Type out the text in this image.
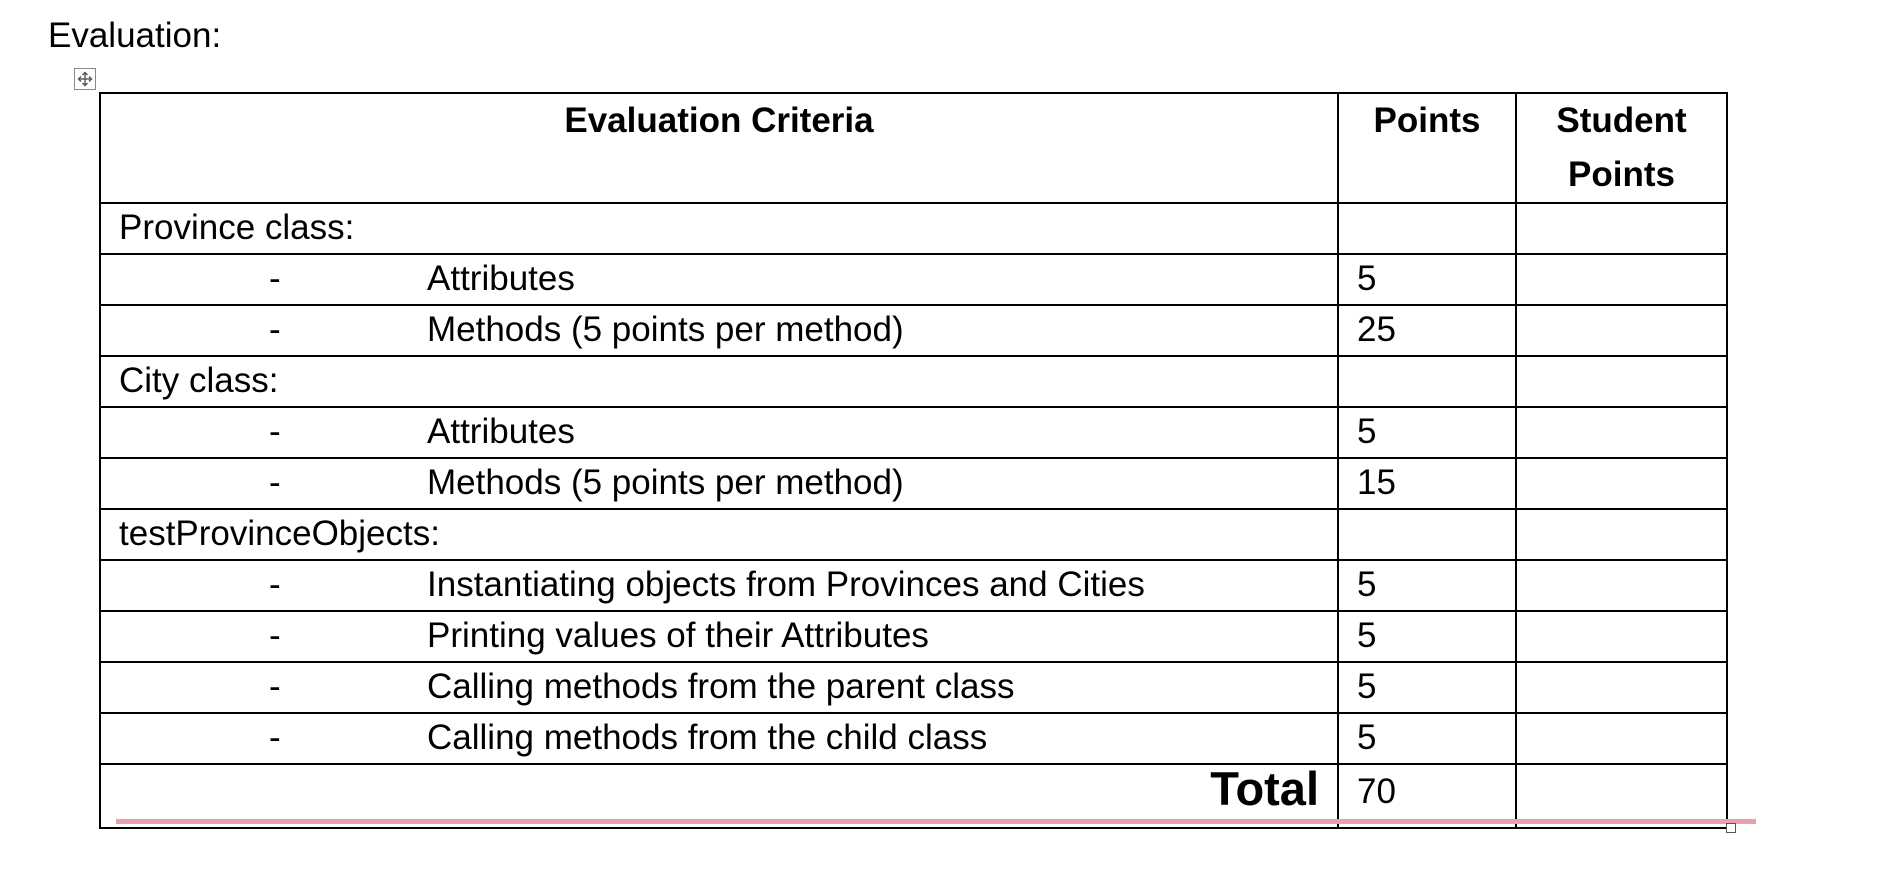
Evaluation:
Evaluation Criteria	Points	Student Points
Province class:		
- Attributes	5	
- Methods (5 points per method)	25	
City class:		
- Attributes	5	
- Methods (5 points per method)	15	
testProvinceObjects:		
- Instantiating objects from Provinces and Cities	5	
- Printing values of their Attributes	5	
- Calling methods from the parent class	5	
- Calling methods from the child class	5	
Total	70	
